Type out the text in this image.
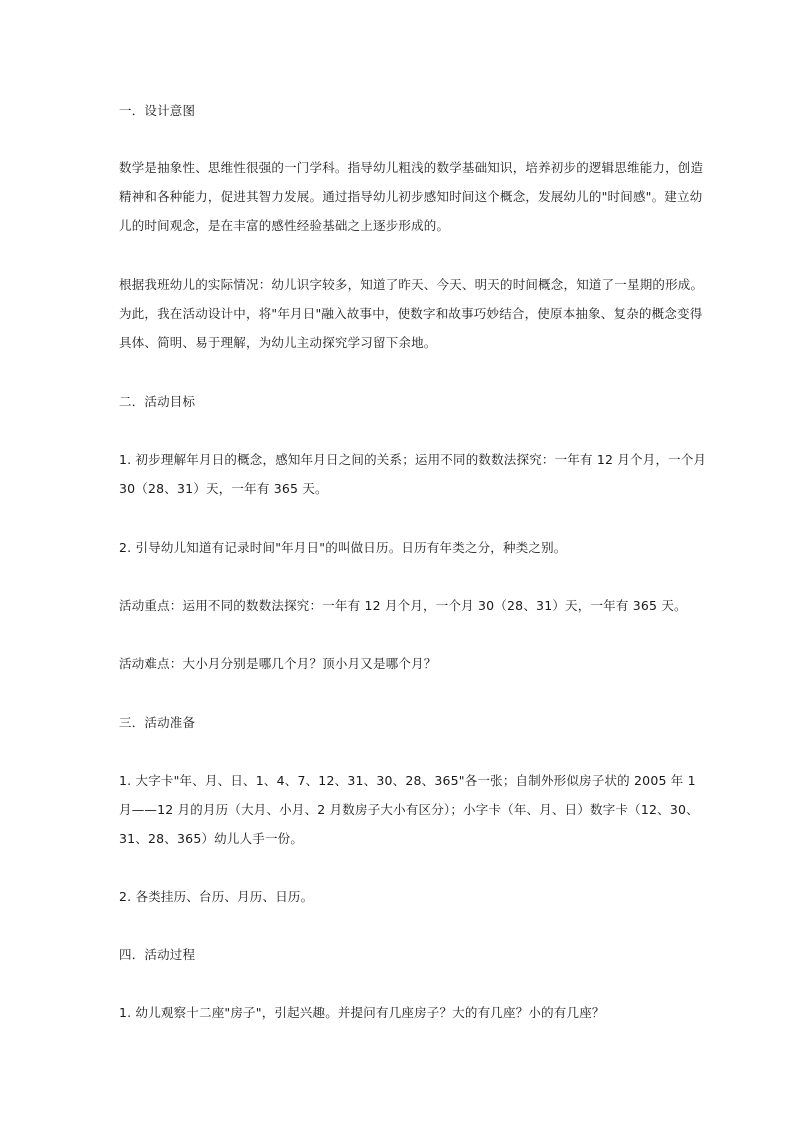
一．设计意图
数学是抽象性、思维性很强的一门学科。指导幼儿粗浅的数学基础知识，培养初步的逻辑思维能力，创造
精神和各种能力，促进其智力发展。通过指导幼儿初步感知时间这个概念，发展幼儿的"时间感"。建立幼
儿的时间观念，是在丰富的感性经验基础之上逐步形成的。
根据我班幼儿的实际情况：幼儿识字较多，知道了昨天、今天、明天的时间概念，知道了一星期的形成。
为此，我在活动设计中，将"年月日"融入故事中，使数字和故事巧妙结合，使原本抽象、复杂的概念变得
具体、简明、易于理解，为幼儿主动探究学习留下余地。
二．活动目标
1. 初步理解年月日的概念，感知年月日之间的关系；运用不同的数数法探究：一年有 12 月个月，一个月
30（28、31）天，一年有 365 天。
2. 引导幼儿知道有记录时间"年月日"的叫做日历。日历有年类之分，种类之别。
活动重点：运用不同的数数法探究：一年有 12 月个月，一个月 30（28、31）天，一年有 365 天。
活动难点：大小月分别是哪几个月？顶小月又是哪个月？
三．活动准备
1. 大字卡"年、月、日、1、4、7、12、31、30、28、365"各一张；自制外形似房子状的 2005 年 1
月——12 月的月历（大月、小月、2 月数房子大小有区分）；小字卡（年、月、日）数字卡（12、30、
31、28、365）幼儿人手一份。
2. 各类挂历、台历、月历、日历。
四．活动过程
1. 幼儿观察十二座"房子"，引起兴趣。并提问有几座房子？大的有几座？小的有几座？
